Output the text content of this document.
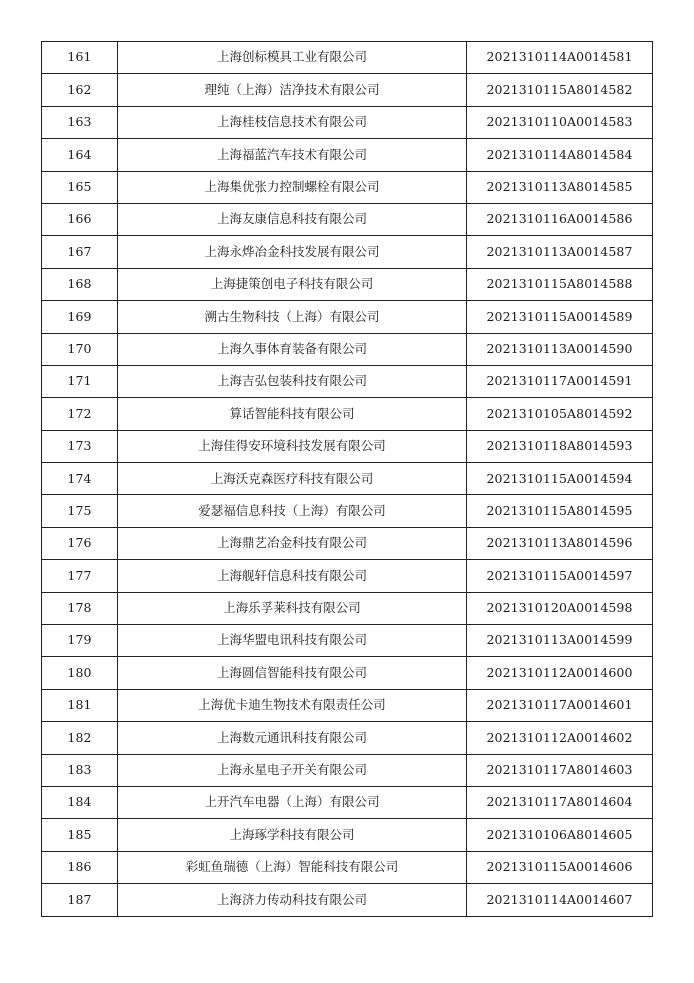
161	上海创标模具工业有限公司	2021310114A0014581
162	理纯（上海）洁净技术有限公司	2021310115A8014582
163	上海桂枝信息技术有限公司	2021310110A0014583
164	上海福蓝汽车技术有限公司	2021310114A8014584
165	上海集优张力控制螺栓有限公司	2021310113A8014585
166	上海友康信息科技有限公司	2021310116A0014586
167	上海永烨冶金科技发展有限公司	2021310113A0014587
168	上海捷策创电子科技有限公司	2021310115A8014588
169	溯古生物科技（上海）有限公司	2021310115A0014589
170	上海久事体育装备有限公司	2021310113A0014590
171	上海吉弘包装科技有限公司	2021310117A0014591
172	算话智能科技有限公司	2021310105A8014592
173	上海佳得安环境科技发展有限公司	2021310118A8014593
174	上海沃克森医疗科技有限公司	2021310115A0014594
175	爱瑟福信息科技（上海）有限公司	2021310115A8014595
176	上海鼎艺冶金科技有限公司	2021310113A8014596
177	上海舰轩信息科技有限公司	2021310115A0014597
178	上海乐孚莱科技有限公司	2021310120A0014598
179	上海华盟电讯科技有限公司	2021310113A0014599
180	上海圆信智能科技有限公司	2021310112A0014600
181	上海优卡迪生物技术有限责任公司	2021310117A0014601
182	上海数元通讯科技有限公司	2021310112A0014602
183	上海永星电子开关有限公司	2021310117A8014603
184	上开汽车电器（上海）有限公司	2021310117A8014604
185	上海琢学科技有限公司	2021310106A8014605
186	彩虹鱼瑞德（上海）智能科技有限公司	2021310115A0014606
187	上海济力传动科技有限公司	2021310114A0014607
